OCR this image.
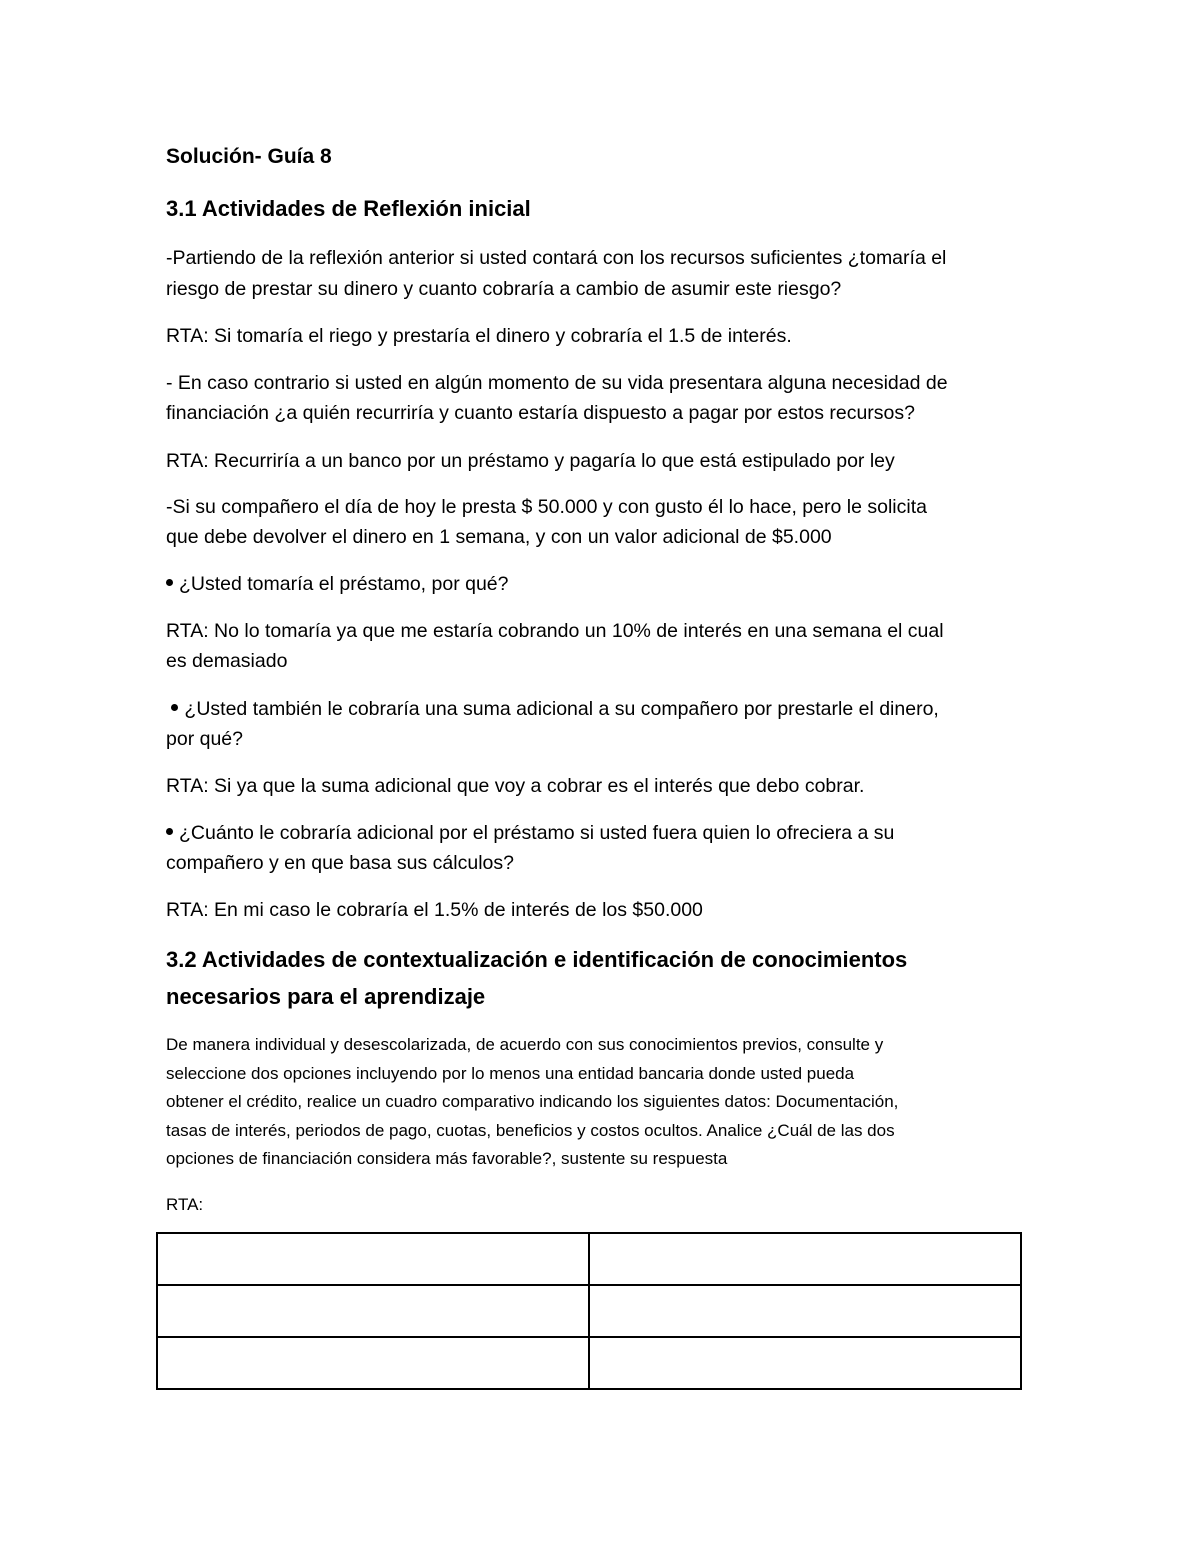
Solución- Guía 8
3.1 Actividades de Reflexión inicial
-Partiendo de la reflexión anterior si usted contará con los recursos suficientes ¿tomaría el
riesgo de prestar su dinero y cuanto cobraría a cambio de asumir este riesgo?
RTA: Si tomaría el riego y prestaría el dinero y cobraría el 1.5 de interés.
- En caso contrario si usted en algún momento de su vida presentara alguna necesidad de
financiación ¿a quién recurriría y cuanto estaría dispuesto a pagar por estos recursos?
RTA: Recurriría a un banco por un préstamo y pagaría lo que está estipulado por ley
-Si su compañero el día de hoy le presta $ 50.000 y con gusto él lo hace, pero le solicita
que debe devolver el dinero en 1 semana, y con un valor adicional de $5.000
¿Usted tomaría el préstamo, por qué?
RTA: No lo tomaría ya que me estaría cobrando un 10% de interés en una semana el cual
es demasiado
¿Usted también le cobraría una suma adicional a su compañero por prestarle el dinero,
por qué?
RTA: Si ya que la suma adicional que voy a cobrar es el interés que debo cobrar.
¿Cuánto le cobraría adicional por el préstamo si usted fuera quien lo ofreciera a su
compañero y en que basa sus cálculos?
RTA: En mi caso le cobraría el 1.5% de interés de los $50.000
3.2 Actividades de contextualización e identificación de conocimientos
necesarios para el aprendizaje
De manera individual y desescolarizada, de acuerdo con sus conocimientos previos, consulte y
seleccione dos opciones incluyendo por lo menos una entidad bancaria donde usted pueda
obtener el crédito, realice un cuadro comparativo indicando los siguientes datos: Documentación,
tasas de interés, periodos de pago, cuotas, beneficios y costos ocultos. Analice ¿Cuál de las dos
opciones de financiación considera más favorable?, sustente su respuesta
RTA:
